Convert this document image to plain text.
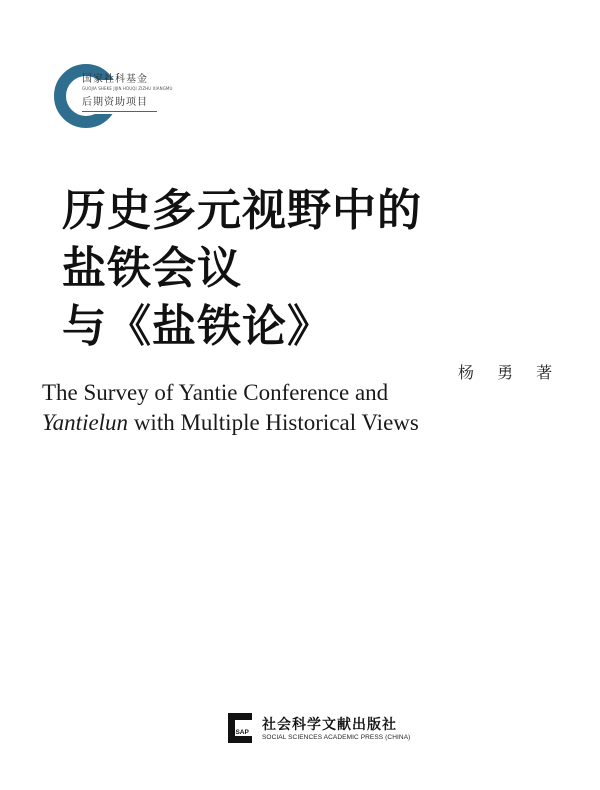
国家社科基金
GUOJIA SHEKE JIJIN HOUQI ZIZHU XIANGMU
后期资助项目
历史多元视野中的
盐铁会议
与《盐铁论》
杨 勇 著
The Survey of Yantie Conference and
Yantielun with Multiple Historical Views
SSAP 社会科学文献出版社
SOCIAL SCIENCES ACADEMIC PRESS (CHINA)
